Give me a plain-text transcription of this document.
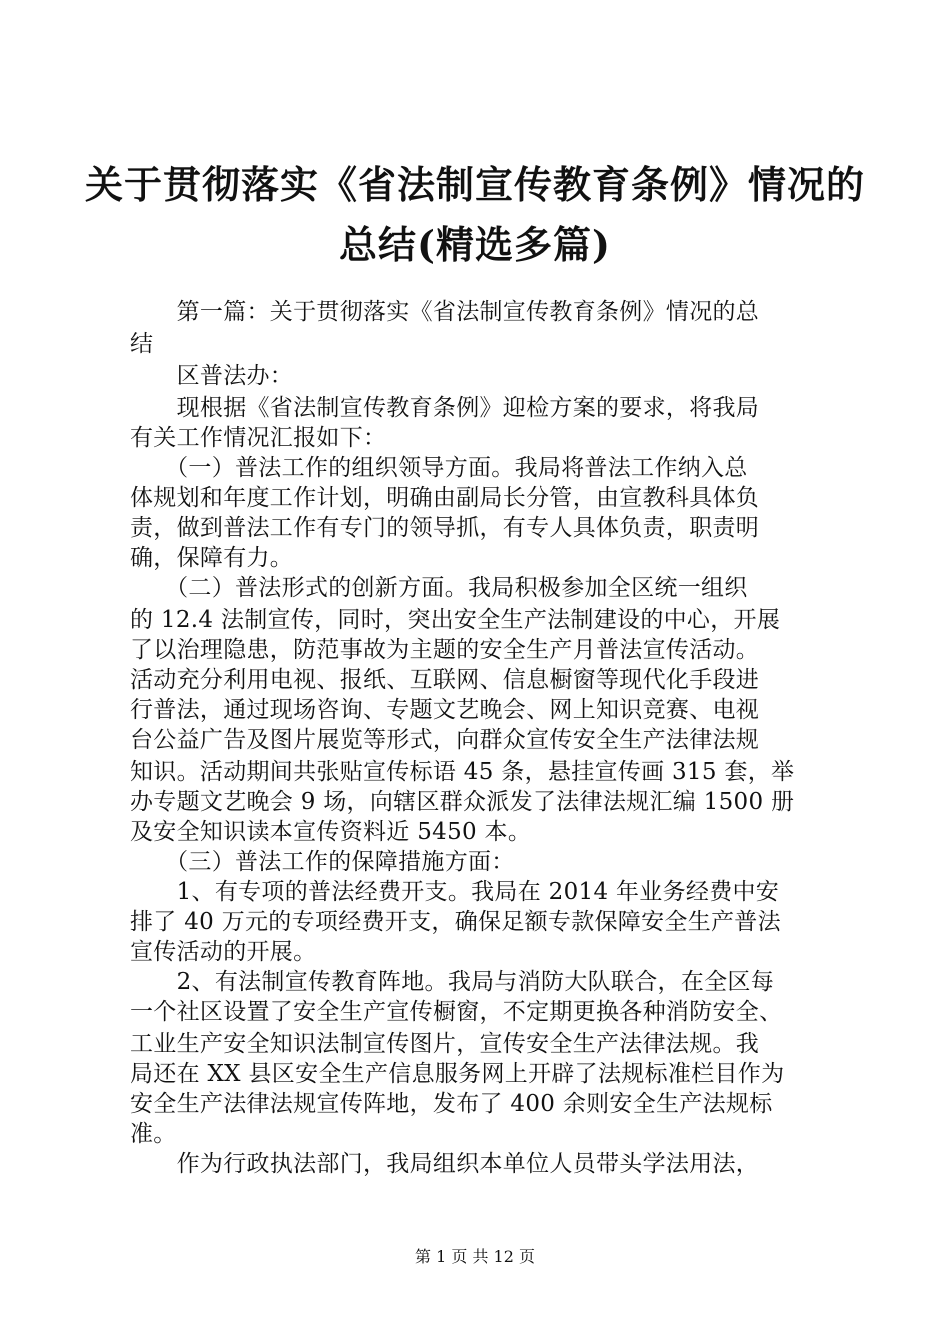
关于贯彻落实《省法制宣传教育条例》情况的
总结(精选多篇)
　　第一篇：关于贯彻落实《省法制宣传教育条例》情况的总
结
　　区普法办：
　　现根据《省法制宣传教育条例》迎检方案的要求，将我局
有关工作情况汇报如下：
　　（一）普法工作的组织领导方面。我局将普法工作纳入总
体规划和年度工作计划，明确由副局长分管，由宣教科具体负
责，做到普法工作有专门的领导抓，有专人具体负责，职责明
确，保障有力。
　　（二）普法形式的创新方面。我局积极参加全区统一组织
的 12.4 法制宣传，同时，突出安全生产法制建设的中心，开展
了以治理隐患，防范事故为主题的安全生产月普法宣传活动。
活动充分利用电视、报纸、互联网、信息橱窗等现代化手段进
行普法，通过现场咨询、专题文艺晚会、网上知识竞赛、电视
台公益广告及图片展览等形式，向群众宣传安全生产法律法规
知识。活动期间共张贴宣传标语 45 条，悬挂宣传画 315 套，举
办专题文艺晚会 9 场，向辖区群众派发了法律法规汇编 1500 册
及安全知识读本宣传资料近 5450 本。
　　（三）普法工作的保障措施方面：
　　1、有专项的普法经费开支。我局在 2014 年业务经费中安
排了 40 万元的专项经费开支，确保足额专款保障安全生产普法
宣传活动的开展。
　　2、有法制宣传教育阵地。我局与消防大队联合，在全区每
一个社区设置了安全生产宣传橱窗，不定期更换各种消防安全、
工业生产安全知识法制宣传图片，宣传安全生产法律法规。我
局还在 XX 县区安全生产信息服务网上开辟了法规标准栏目作为
安全生产法律法规宣传阵地，发布了 400 余则安全生产法规标
准。
　　作为行政执法部门，我局组织本单位人员带头学法用法，
第 1 页 共 12 页
